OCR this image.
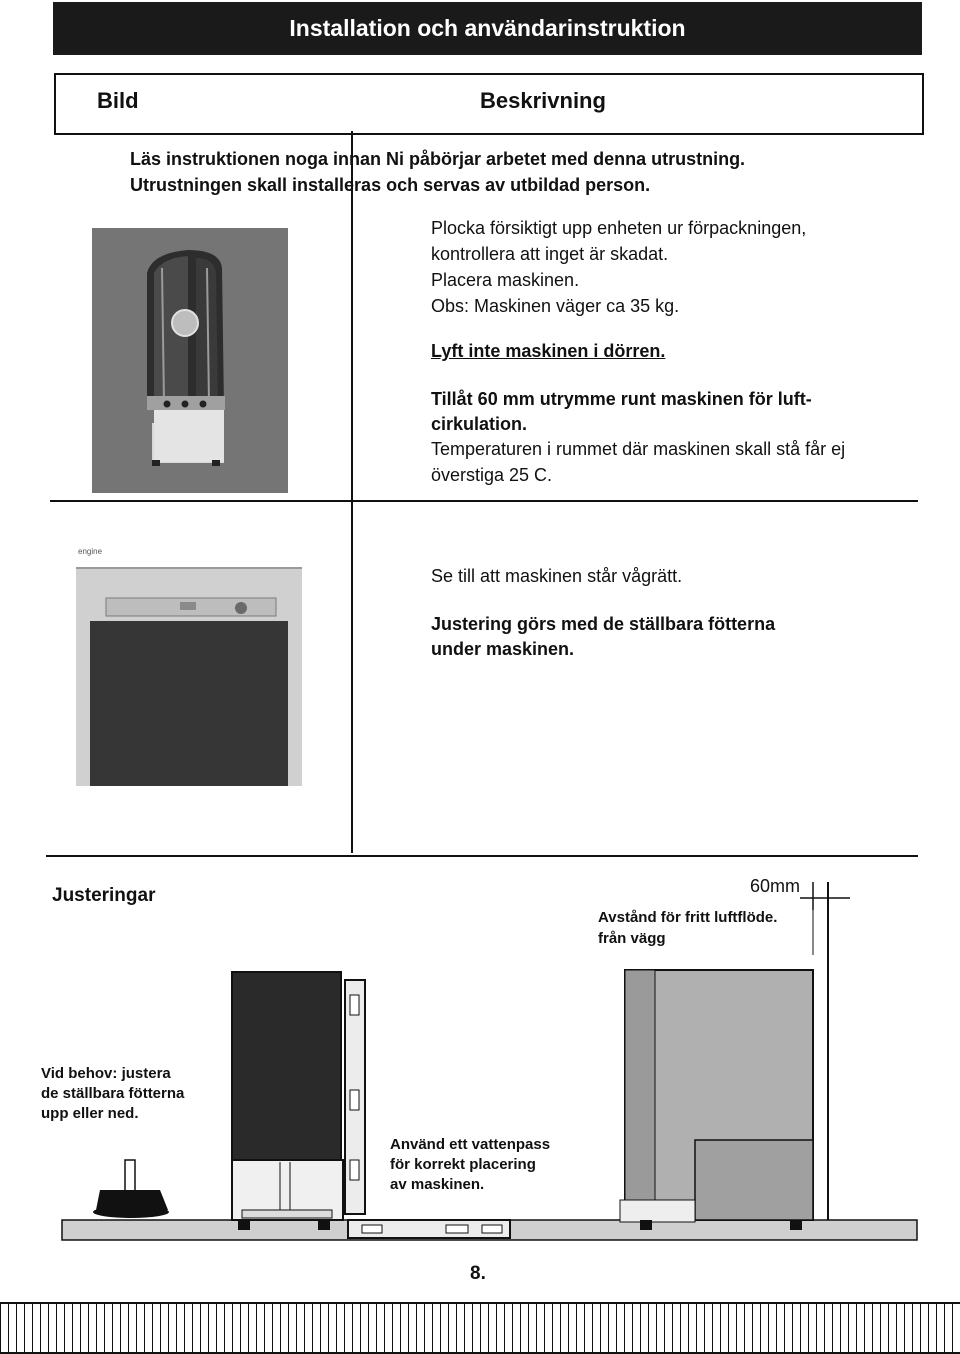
Installation och användarinstruktion
Bild	Beskrivning
Läs instruktionen noga innan Ni påbörjar arbetet med denna utrustning.
Utrustningen skall installeras och servas av utbildad person.
Plocka försiktigt upp enheten ur förpackningen,
kontrollera att inget är skadat.
Placera maskinen.
Obs: Maskinen väger ca 35 kg.
Lyft inte maskinen i dörren.
Tillåt 60 mm utrymme runt maskinen för luft-
cirkulation.
Temperaturen i rummet där maskinen skall stå får ej
överstiga 25 C.
engine
Se till att maskinen står vågrätt.
Justering görs med de ställbara fötterna
under maskinen.
Justeringar	60mm
Avstånd för fritt luftflöde.
från vägg
Vid behov: justera
de ställbara fötterna
upp eller ned.
Använd ett vattenpass
för korrekt placering
av maskinen.
8.
